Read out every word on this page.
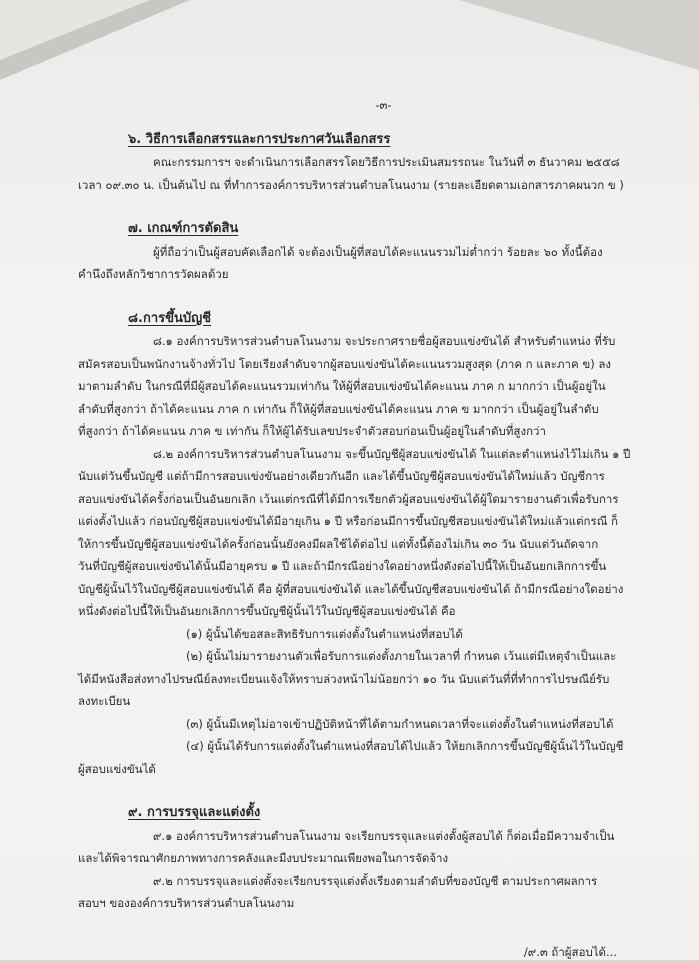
-๓-
๖. วิธีการเลือกสรรและการประกาศวันเลือกสรร

คณะกรรมการฯ จะดำเนินการเลือกสรรโดยวิธีการประเมินสมรรถนะ ในวันที่ ๓ ธันวาคม ๒๕๕๘

เวลา ๐๙.๓๐ น. เป็นต้นไป ณ ที่ทำการองค์การบริหารส่วนตำบลโนนงาม (รายละเอียดตามเอกสารภาคผนวก ข )

๗. เกณฑ์การตัดสิน

ผู้ที่ถือว่าเป็นผู้สอบคัดเลือกได้ จะต้องเป็นผู้ที่สอบได้คะแนนรวมไม่ต่ำกว่า ร้อยละ ๖๐ ทั้งนี้ต้อง

คำนึงถึงหลักวิชาการวัดผลด้วย

๘.การขึ้นบัญชี

๘.๑ องค์การบริหารส่วนตำบลโนนงาม จะประกาศรายชื่อผู้สอบแข่งขันได้ สำหรับตำแหน่ง ที่รับ

สมัครสอบเป็นพนักงานจ้างทั่วไป โดยเรียงลำดับจากผู้สอบแข่งขันได้คะแนนรวมสูงสุด (ภาค ก และภาค ข) ลง

มาตามลำดับ ในกรณีที่มีผู้สอบได้คะแนนรวมเท่ากัน ให้ผู้ที่สอบแข่งขันได้คะแนน ภาค ก มากกว่า เป็นผู้อยู่ใน

ลำดับที่สูงกว่า ถ้าได้คะแนน ภาค ก เท่ากัน ก็ให้ผู้ที่สอบแข่งขันได้คะแนน ภาค ข มากกว่า เป็นผู้อยู่ในลำดับ

ที่สูงกว่า ถ้าได้คะแนน ภาค ข เท่ากัน ก็ให้ผู้ได้รับเลขประจำตัวสอบก่อนเป็นผู้อยู่ในลำดับที่สูงกว่า

๘.๒ องค์การบริหารส่วนตำบลโนนงาม จะขึ้นบัญชีผู้สอบแข่งขันได้ ในแต่ละตำแหน่งไว้ไม่เกิน ๑ ปี

นับแต่วันขึ้นบัญชี แต่ถ้ามีการสอบแข่งขันอย่างเดียวกันอีก และได้ขึ้นบัญชีผู้สอบแข่งขันได้ใหม่แล้ว บัญชีการ

สอบแข่งขันได้ครั้งก่อนเป็นอันยกเลิก เว้นแต่กรณีที่ได้มีการเรียกตัวผู้สอบแข่งขันได้ผู้ใดมารายงานตัวเพื่อรับการ

แต่งตั้งไปแล้ว ก่อนบัญชีผู้สอบแข่งขันได้มีอายุเกิน ๑ ปี หรือก่อนมีการขึ้นบัญชีสอบแข่งขันได้ใหม่แล้วแต่กรณี ก็

ให้การขึ้นบัญชีผู้สอบแข่งขันได้ครั้งก่อนนั้นยังคงมีผลใช้ได้ต่อไป แต่ทั้งนี้ต้องไม่เกิน ๓๐ วัน นับแต่วันถัดจาก

วันที่บัญชีผู้สอบแข่งขันได้นั้นมีอายุครบ ๑ ปี และถ้ามีกรณีอย่างใดอย่างหนึ่งดังต่อไปนี้ให้เป็นอันยกเลิกการขึ้น

บัญชีผู้นั้นไว้ในบัญชีผู้สอบแข่งขันได้ คือ ผู้ที่สอบแข่งขันได้ และได้ขึ้นบัญชีสอบแข่งขันได้ ถ้ามีกรณีอย่างใดอย่าง

หนึ่งดังต่อไปนี้ให้เป็นอันยกเลิกการขึ้นบัญชีผู้นั้นไว้ในบัญชีผู้สอบแข่งขันได้ คือ

(๑) ผู้นั้นได้ขอสละสิทธิรับการแต่งตั้งในตำแหน่งที่สอบได้

(๒) ผู้นั้นไม่มารายงานตัวเพื่อรับการแต่งตั้งภายในเวลาที่ กำหนด เว้นแต่มีเหตุจำเป็นและ

ได้มีหนังสือส่งทางไปรษณีย์ลงทะเบียนแจ้งให้ทราบล่วงหน้าไม่น้อยกว่า ๑๐ วัน นับแต่วันที่ที่ทำการไปรษณีย์รับ

ลงทะเบียน

(๓) ผู้นั้นมีเหตุไม่อาจเข้าปฏิบัติหน้าที่ได้ตามกำหนดเวลาที่จะแต่งตั้งในตำแหน่งที่สอบได้

(๔) ผู้นั้นได้รับการแต่งตั้งในตำแหน่งที่สอบได้ไปแล้ว ให้ยกเลิกการขึ้นบัญชีผู้นั้นไว้ในบัญชี

ผู้สอบแข่งขันได้

๙. การบรรจุและแต่งตั้ง

๙.๑ องค์การบริหารส่วนตำบลโนนงาม จะเรียกบรรจุและแต่งตั้งผู้สอบได้ ก็ต่อเมื่อมีความจำเป็น

และได้พิจารณาศักยภาพทางการคลังและมีงบประมาณเพียงพอในการจัดจ้าง

๙.๒ การบรรจุและแต่งตั้งจะเรียกบรรจุแต่งตั้งเรียงตามลำดับที่ของบัญชี ตามประกาศผลการ

สอบฯ ขององค์การบริหารส่วนตำบลโนนงาม

/๙.๓ ถ้าผู้สอบได้...
